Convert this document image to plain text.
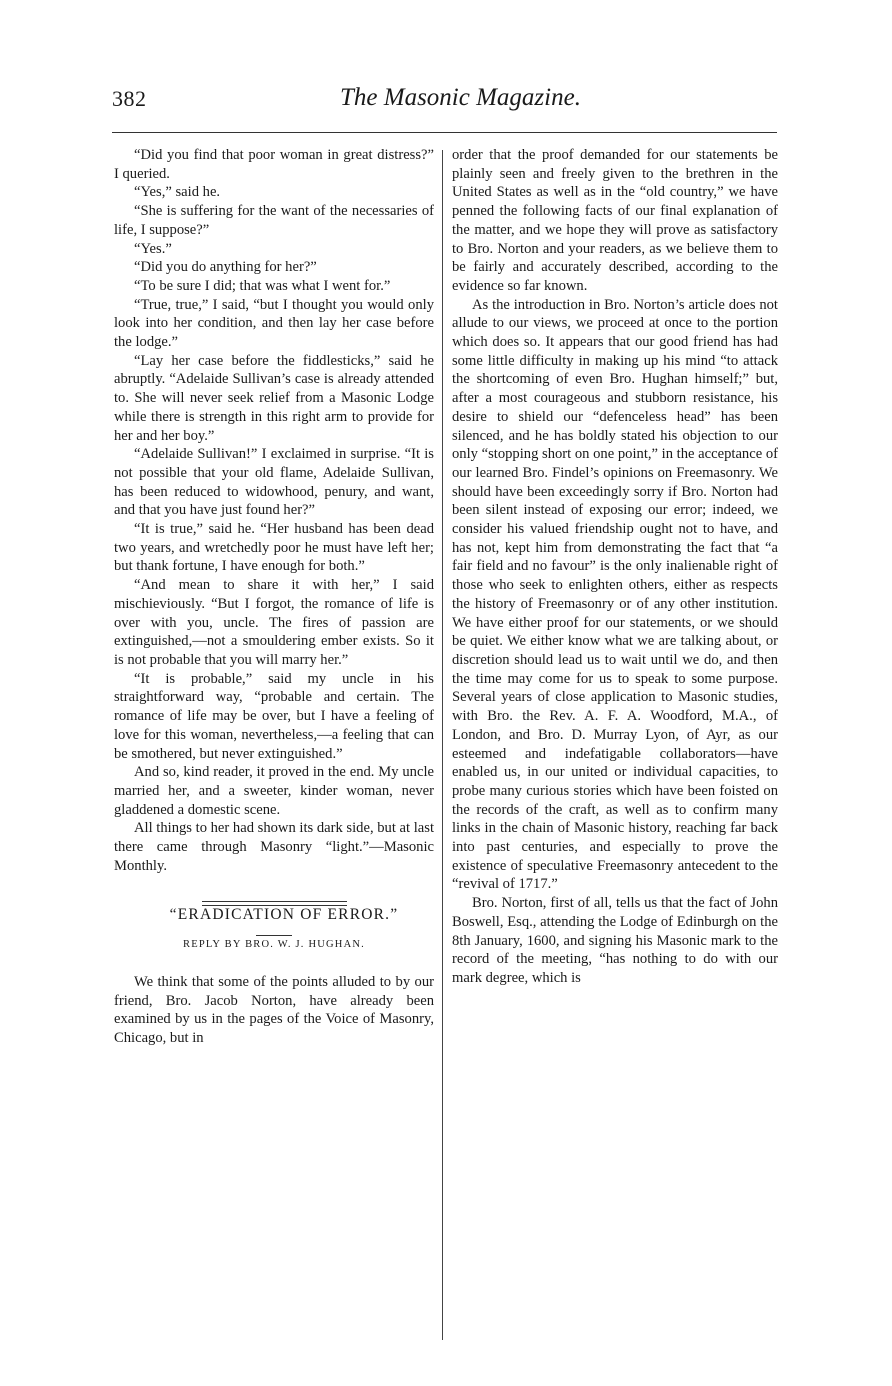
382	The Masonic Magazine.

“Did you find that poor woman in great distress?” I queried.

“Yes,” said he.

“She is suffering for the want of the necessaries of life, I suppose?”

“Yes.”

“Did you do anything for her?”

“To be sure I did; that was what I went for.”

“True, true,” I said, “but I thought you would only look into her condition, and then lay her case before the lodge.”

“Lay her case before the fiddlesticks,” said he abruptly. “Adelaide Sullivan’s case is already attended to. She will never seek relief from a Masonic Lodge while there is strength in this right arm to provide for her and her boy.”

“Adelaide Sullivan!” I exclaimed in surprise. “It is not possible that your old flame, Adelaide Sullivan, has been reduced to widowhood, penury, and want, and that you have just found her?”

“It is true,” said he. “Her husband has been dead two years, and wretchedly poor he must have left her; but thank fortune, I have enough for both.”

“And mean to share it with her,” I said mischieviously. “But I forgot, the romance of life is over with you, uncle. The fires of passion are extinguished,—not a smouldering ember exists. So it is not probable that you will marry her.”

“It is probable,” said my uncle in his straightforward way, “probable and certain. The romance of life may be over, but I have a feeling of love for this woman, nevertheless,—a feeling that can be smothered, but never extinguished.”

And so, kind reader, it proved in the end. My uncle married her, and a sweeter, kinder woman, never gladdened a domestic scene.

All things to her had shown its dark side, but at last there came through Masonry “light.”—Masonic Monthly.

“ERADICATION OF ERROR.”

REPLY BY BRO. W. J. HUGHAN.

We think that some of the points alluded to by our friend, Bro. Jacob Norton, have already been examined by us in the pages of the Voice of Masonry, Chicago, but in

order that the proof demanded for our statements be plainly seen and freely given to the brethren in the United States as well as in the “old country,” we have penned the following facts of our final explanation of the matter, and we hope they will prove as satisfactory to Bro. Norton and your readers, as we believe them to be fairly and accurately described, according to the evidence so far known.

As the introduction in Bro. Norton’s article does not allude to our views, we proceed at once to the portion which does so. It appears that our good friend has had some little difficulty in making up his mind “to attack the shortcoming of even Bro. Hughan himself;” but, after a most courageous and stubborn resistance, his desire to shield our “defenceless head” has been silenced, and he has boldly stated his objection to our only “stopping short on one point,” in the acceptance of our learned Bro. Findel’s opinions on Freemasonry. We should have been exceedingly sorry if Bro. Norton had been silent instead of exposing our error; indeed, we consider his valued friendship ought not to have, and has not, kept him from demonstrating the fact that “a fair field and no favour” is the only inalienable right of those who seek to enlighten others, either as respects the history of Freemasonry or of any other institution. We have either proof for our statements, or we should be quiet. We either know what we are talking about, or discretion should lead us to wait until we do, and then the time may come for us to speak to some purpose. Several years of close application to Masonic studies, with Bro. the Rev. A. F. A. Woodford, M.A., of London, and Bro. D. Murray Lyon, of Ayr, as our esteemed and indefatigable collaborators—have enabled us, in our united or individual capacities, to probe many curious stories which have been foisted on the records of the craft, as well as to confirm many links in the chain of Masonic history, reaching far back into past centuries, and especially to prove the existence of speculative Freemasonry antecedent to the “revival of 1717.”

Bro. Norton, first of all, tells us that the fact of John Boswell, Esq., attending the Lodge of Edinburgh on the 8th January, 1600, and signing his Masonic mark to the record of the meeting, “has nothing to do with our mark degree, which is
